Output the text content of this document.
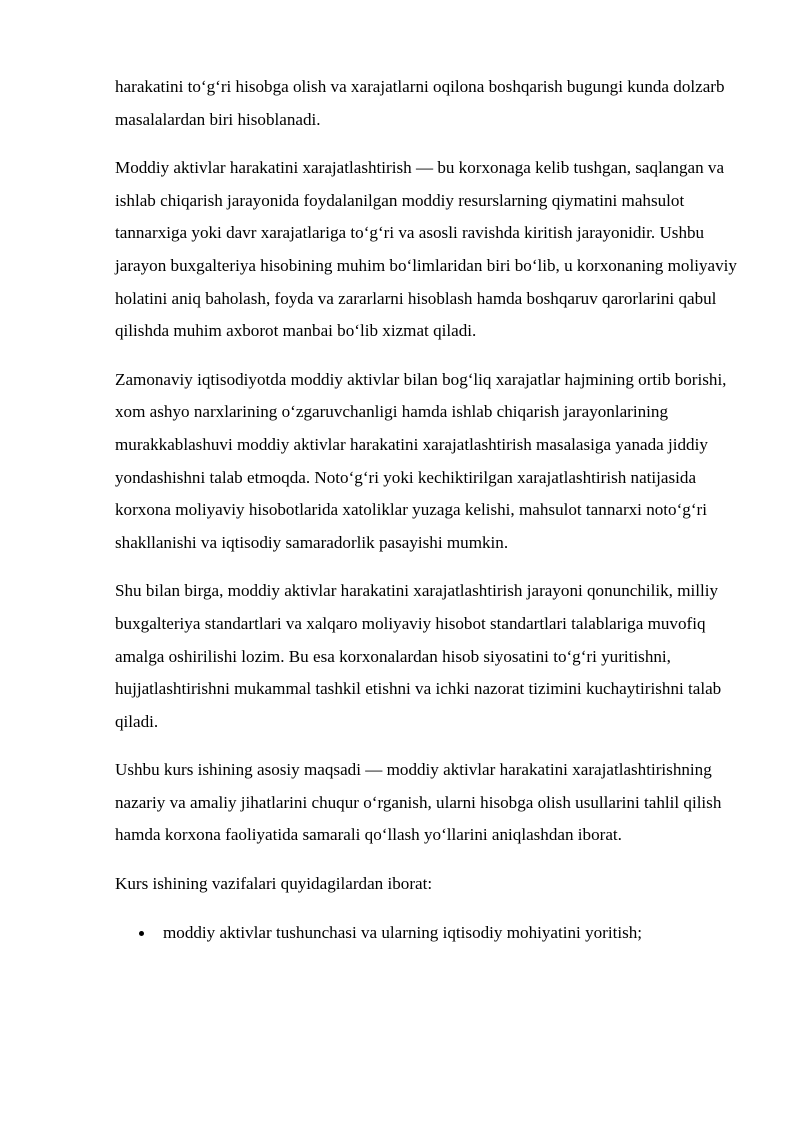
harakatini to‘g‘ri hisobga olish va xarajatlarni oqilona boshqarish bugungi kunda dolzarb masalalardan biri hisoblanadi.

Moddiy aktivlar harakatini xarajatlashtirish — bu korxonaga kelib tushgan, saqlangan va ishlab chiqarish jarayonida foydalanilgan moddiy resurslarning qiymatini mahsulot tannarxiga yoki davr xarajatlariga to‘g‘ri va asosli ravishda kiritish jarayonidir. Ushbu jarayon buxgalteriya hisobining muhim bo‘limlaridan biri bo‘lib, u korxonaning moliyaviy holatini aniq baholash, foyda va zararlarni hisoblash hamda boshqaruv qarorlarini qabul qilishda muhim axborot manbai bo‘lib xizmat qiladi.

Zamonaviy iqtisodiyotda moddiy aktivlar bilan bog‘liq xarajatlar hajmining ortib borishi, xom ashyo narxlarining o‘zgaruvchanligi hamda ishlab chiqarish jarayonlarining murakkablashuvi moddiy aktivlar harakatini xarajatlashtirish masalasiga yanada jiddiy yondashishni talab etmoqda. Noto‘g‘ri yoki kechiktirilgan xarajatlashtirish natijasida korxona moliyaviy hisobotlarida xatoliklar yuzaga kelishi, mahsulot tannarxi noto‘g‘ri shakllanishi va iqtisodiy samaradorlik pasayishi mumkin.

Shu bilan birga, moddiy aktivlar harakatini xarajatlashtirish jarayoni qonunchilik, milliy buxgalteriya standartlari va xalqaro moliyaviy hisobot standartlari talablariga muvofiq amalga oshirilishi lozim. Bu esa korxonalardan hisob siyosatini to‘g‘ri yuritishni, hujjatlashtirishni mukammal tashkil etishni va ichki nazorat tizimini kuchaytirishni talab qiladi.

Ushbu kurs ishining asosiy maqsadi — moddiy aktivlar harakatini xarajatlashtirishning nazariy va amaliy jihatlarini chuqur o‘rganish, ularni hisobga olish usullarini tahlil qilish hamda korxona faoliyatida samarali qo‘llash yo‘llarini aniqlashdan iborat.

Kurs ishining vazifalari quyidagilardan iborat:

moddiy aktivlar tushunchasi va ularning iqtisodiy mohiyatini yoritish;
